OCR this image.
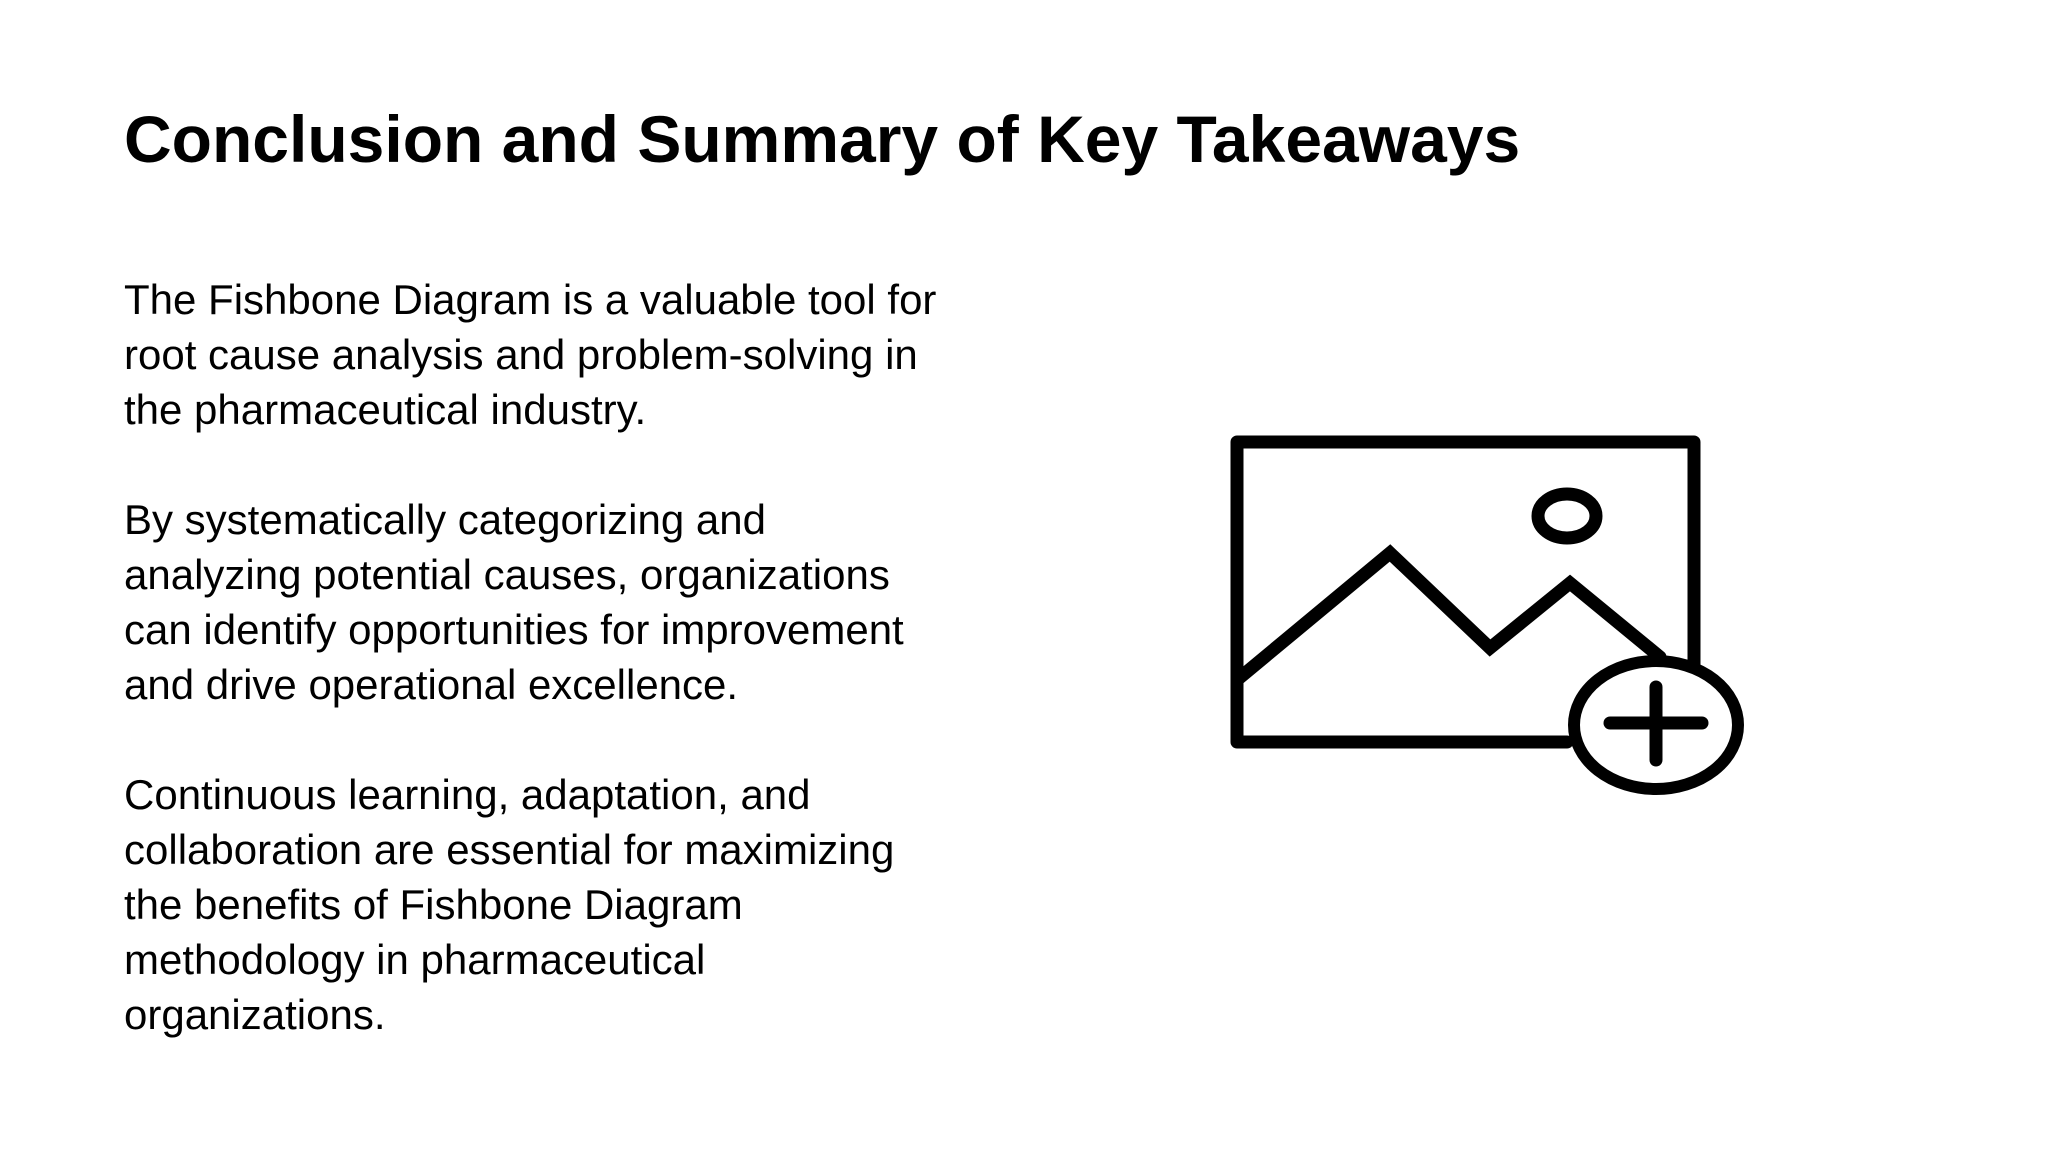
Conclusion and Summary of Key Takeaways

The Fishbone Diagram is a valuable tool for
root cause analysis and problem-solving in
the pharmaceutical industry.

By systematically categorizing and
analyzing potential causes, organizations
can identify opportunities for improvement
and drive operational excellence.

Continuous learning, adaptation, and
collaboration are essential for maximizing
the benefits of Fishbone Diagram
methodology in pharmaceutical
organizations.
